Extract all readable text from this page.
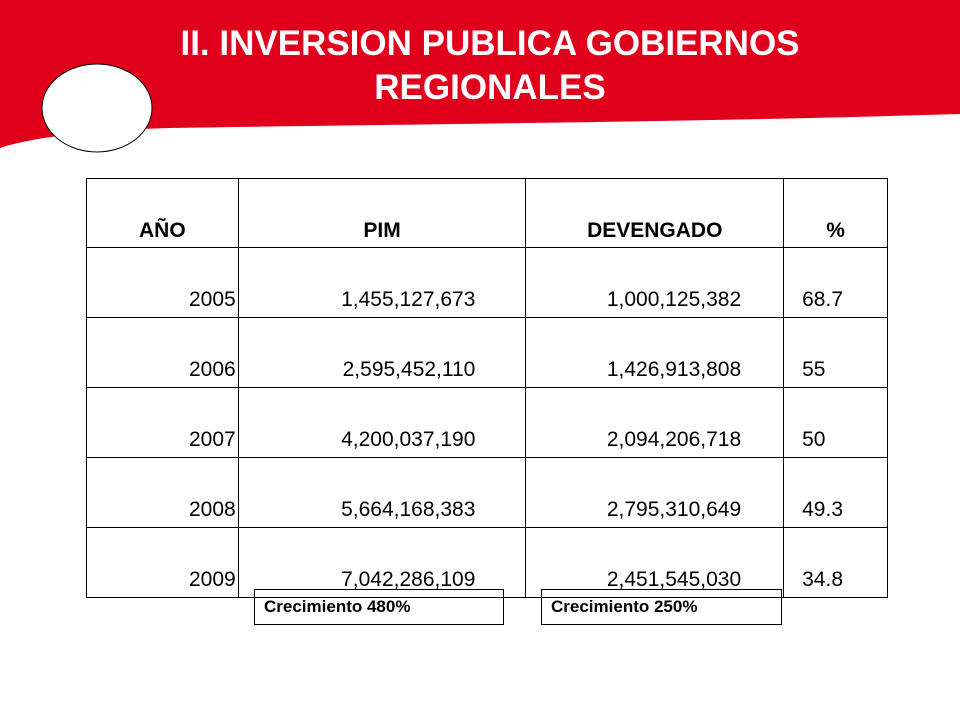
II. INVERSION PUBLICA GOBIERNOS
REGIONALES
AÑO	PIM	DEVENGADO	%
2005	1,455,127,673	1,000,125,382	68.7
2006	2,595,452,110	1,426,913,808	55
2007	4,200,037,190	2,094,206,718	50
2008	5,664,168,383	2,795,310,649	49.3
2009	7,042,286,109	2,451,545,030	34.8
Crecimiento 480%	Crecimiento 250%
